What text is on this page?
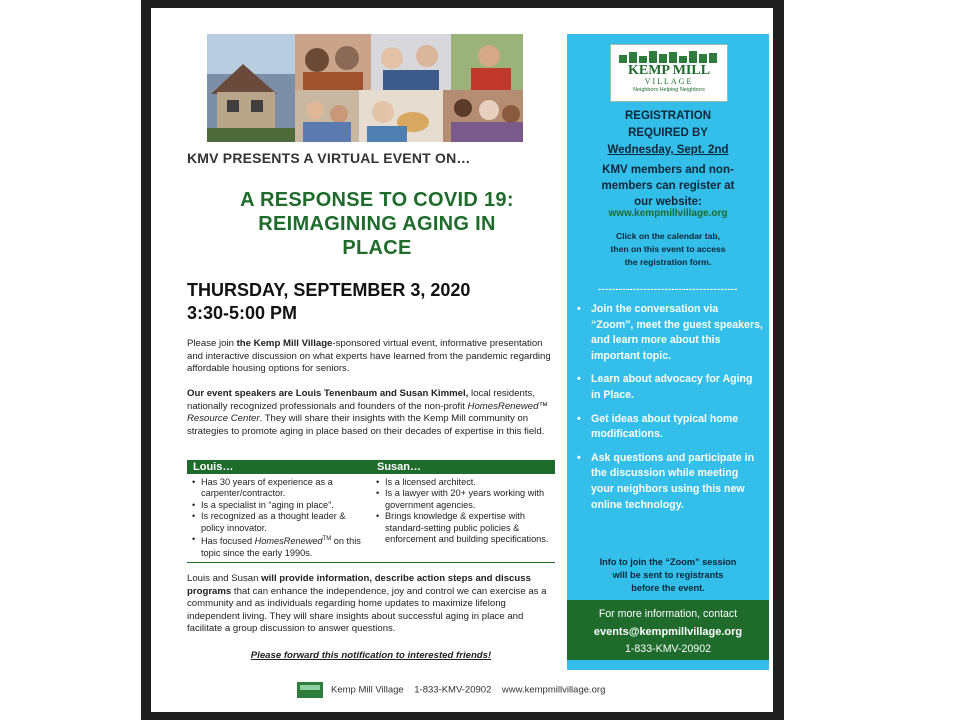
KMV PRESENTS A VIRTUAL EVENT ON…
A RESPONSE TO COVID 19:
REIMAGINING AGING IN
PLACE
THURSDAY, SEPTEMBER 3, 2020
3:30-5:00 PM
Please join the Kemp Mill Village-sponsored virtual event, informative presentation and interactive discussion on what experts have learned from the pandemic regarding affordable housing options for seniors.
Our event speakers are Louis Tenenbaum and Susan Kimmel, local residents, nationally recognized professionals and founders of the non-profit HomesRenewed™ Resource Center. They will share their insights with the Kemp Mill community on strategies to promote aging in place based on their decades of expertise in this field.
Louis…	Susan…
• Has 30 years of experience as a carpenter/contractor.
• Is a specialist in “aging in place”.
• Is recognized as a thought leader & policy innovator.
• Has focused HomesRenewed™ on this topic since the early 1990s.
• Is a licensed architect.
• Is a lawyer with 20+ years working with government agencies.
• Brings knowledge & expertise with standard-setting public policies & enforcement and building specifications.
Louis and Susan will provide information, describe action steps and discuss programs that can enhance the independence, joy and control we can exercise as a community and as individuals regarding home updates to maximize lifelong independent living. They will share insights about successful aging in place and facilitate a group discussion to answer questions.
Please forward this notification to interested friends!
Kemp Mill Village    1-833-KMV-20902    www.kempmillvillage.org
KEMP MILL
VILLAGE
Neighbors Helping Neighbors
REGISTRATION
REQUIRED BY
Wednesday, Sept. 2nd
KMV members and non-
members can register at
our website:
www.kempmillvillage.org
Click on the calendar tab,
then on this event to access
the registration form.
----------------------------------------
• Join the conversation via “Zoom”, meet the guest speakers, and learn more about this important topic.
• Learn about advocacy for Aging in Place.
• Get ideas about typical home modifications.
• Ask questions and participate in the discussion while meeting your neighbors using this new online technology.
Info to join the “Zoom” session
will be sent to registrants
before the event.
For more information, contact
events@kempmillvillage.org
1-833-KMV-20902
